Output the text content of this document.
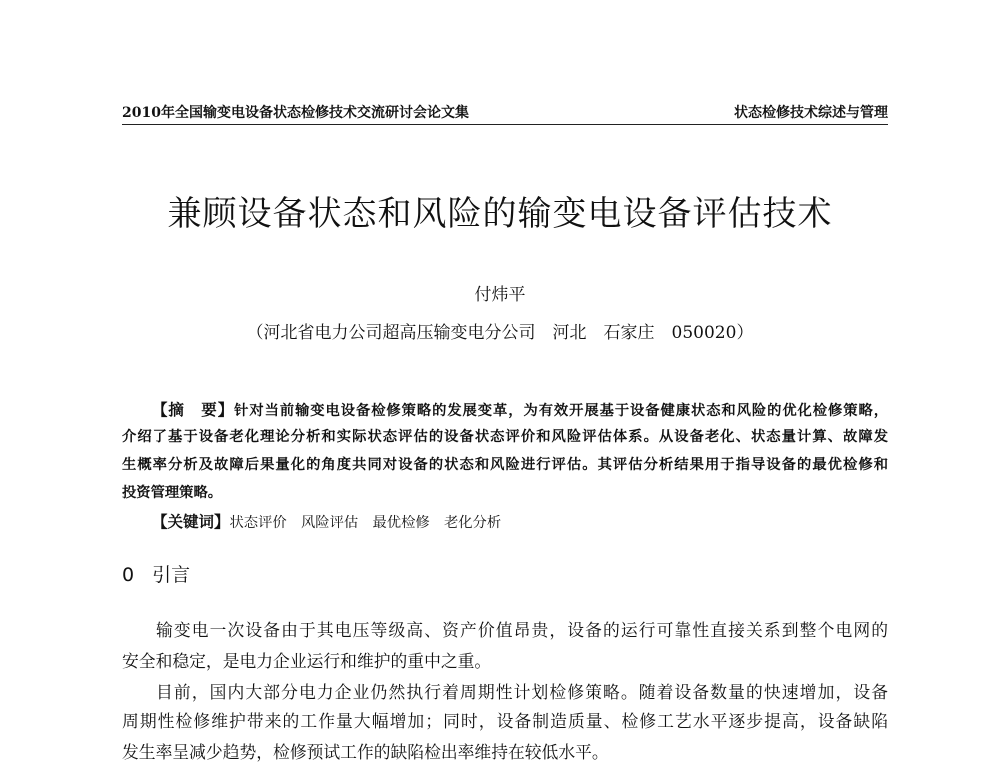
2010年全国输变电设备状态检修技术交流研讨会论文集	状态检修技术综述与管理
兼顾设备状态和风险的输变电设备评估技术
付炜平
（河北省电力公司超高压输变电分公司　河北　石家庄　050020）
【摘　要】针对当前输变电设备检修策略的发展变革，为有效开展基于设备健康状态和风险的优化检修策略，
介绍了基于设备老化理论分析和实际状态评估的设备状态评价和风险评估体系。从设备老化、状态量计算、故障发
生概率分析及故障后果量化的角度共同对设备的状态和风险进行评估。其评估分析结果用于指导设备的最优检修和
投资管理策略。
【关键词】状态评价　风险评估　最优检修　老化分析
0 引言
输变电一次设备由于其电压等级高、资产价值昂贵，设备的运行可靠性直接关系到整个电网的
安全和稳定，是电力企业运行和维护的重中之重。
目前，国内大部分电力企业仍然执行着周期性计划检修策略。随着设备数量的快速增加，设备
周期性检修维护带来的工作量大幅增加；同时，设备制造质量、检修工艺水平逐步提高，设备缺陷
发生率呈减少趋势，检修预试工作的缺陷检出率维持在较低水平。
